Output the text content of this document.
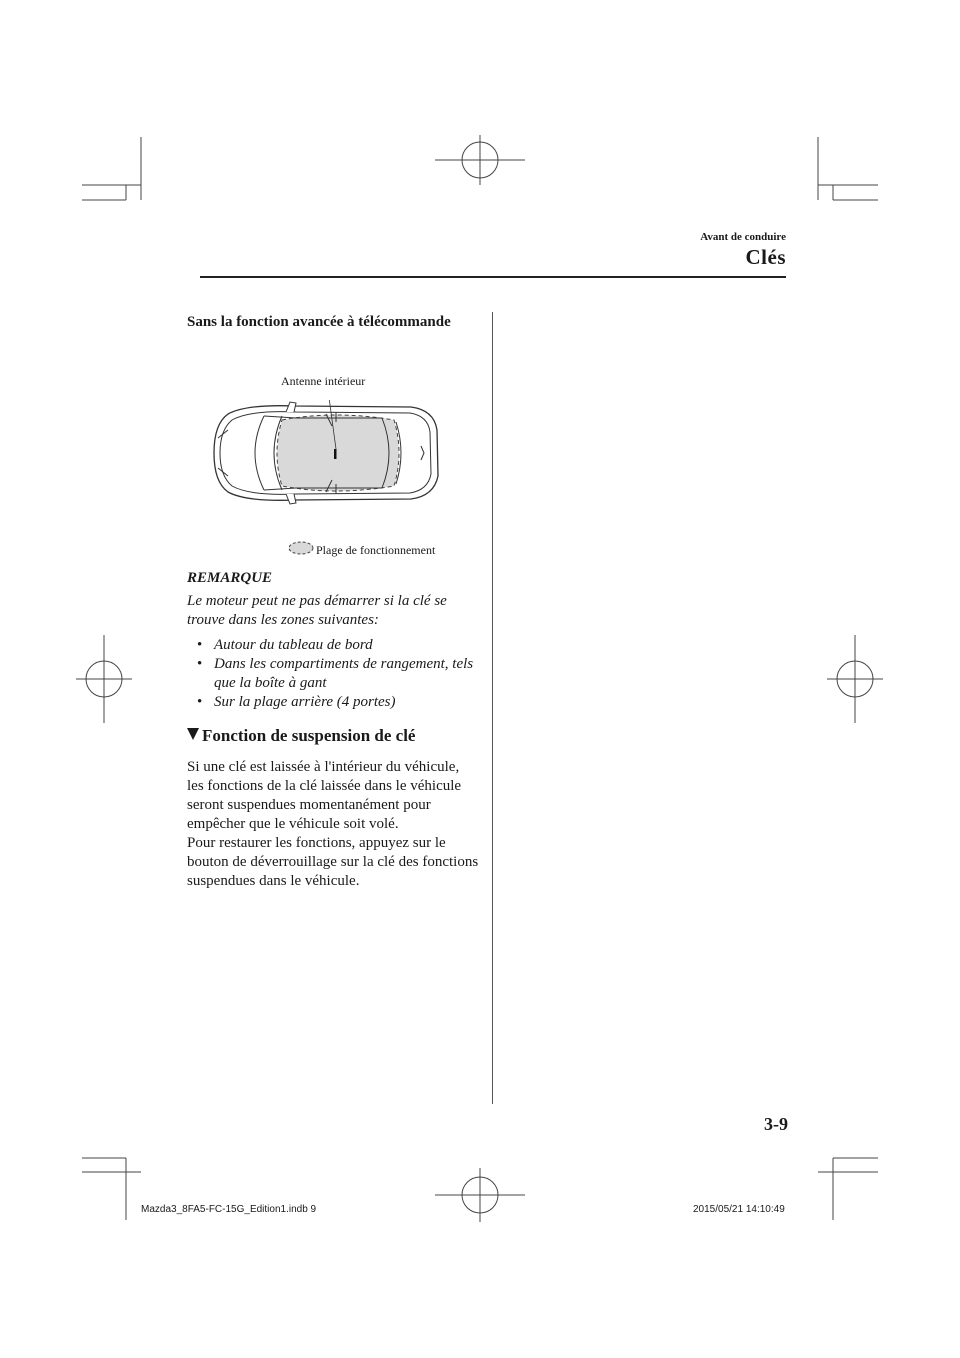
Avant de conduire
Clés
Sans la fonction avancée à télécommande
Antenne intérieur
Plage de fonctionnement
REMARQUE
Le moteur peut ne pas démarrer si la clé se trouve dans les zones suivantes:
• Autour du tableau de bord
• Dans les compartiments de rangement, tels que la boîte à gant
• Sur la plage arrière (4 portes)
Fonction de suspension de clé

Si une clé est laissée à l'intérieur du véhicule, les fonctions de la clé laissée dans le véhicule seront suspendues momentanément pour empêcher que le véhicule soit volé.

Pour restaurer les fonctions, appuyez sur le bouton de déverrouillage sur la clé des fonctions suspendues dans le véhicule.

3-9
Mazda3_8FA5-FC-15G_Edition1.indb 9	2015/05/21 14:10:49
